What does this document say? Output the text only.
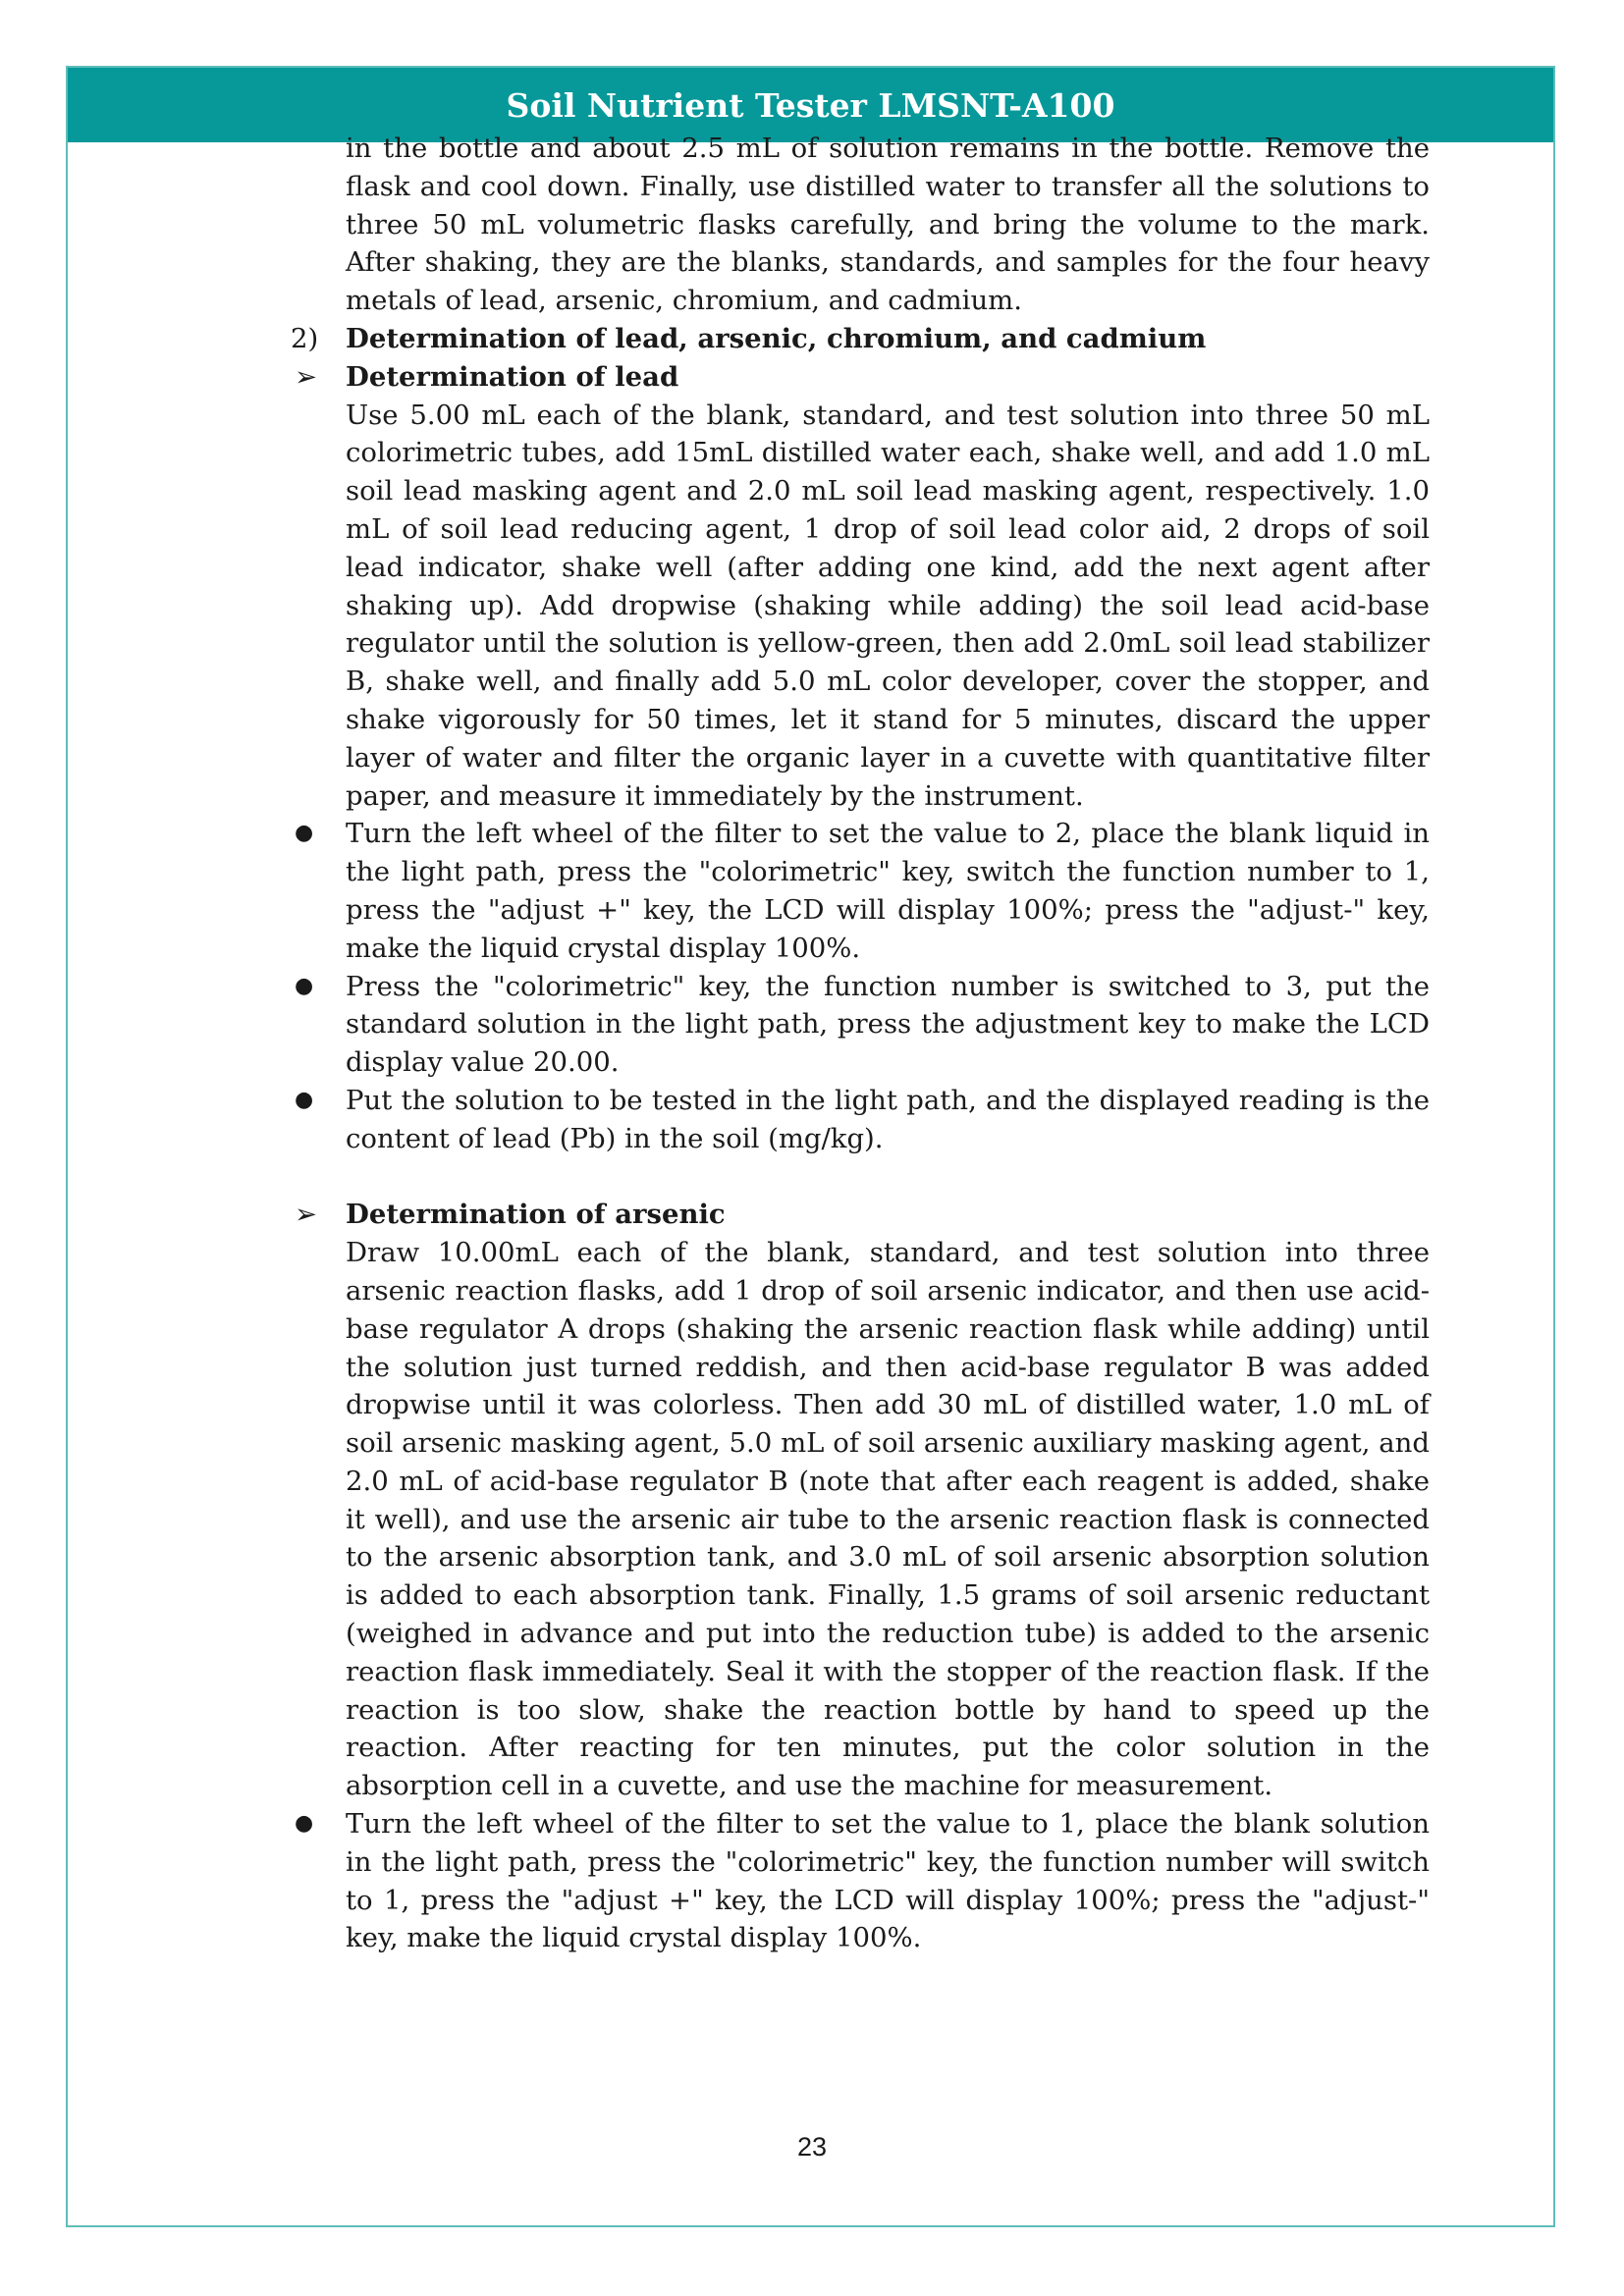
Soil Nutrient Tester LMSNT-A100
in the bottle and about 2.5 mL of solution remains in the bottle. Remove the flask and cool down. Finally, use distilled water to transfer all the solutions to three 50 mL volumetric flasks carefully, and bring the volume to the mark. After shaking, they are the blanks, standards, and samples for the four heavy metals of lead, arsenic, chromium, and cadmium.
2) Determination of lead, arsenic, chromium, and cadmium
➢ Determination of lead
Use 5.00 mL each of the blank, standard, and test solution into three 50 mL colorimetric tubes, add 15mL distilled water each, shake well, and add 1.0 mL soil lead masking agent and 2.0 mL soil lead masking agent, respectively. 1.0 mL of soil lead reducing agent, 1 drop of soil lead color aid, 2 drops of soil lead indicator, shake well (after adding one kind, add the next agent after shaking up). Add dropwise (shaking while adding) the soil lead acid-base regulator until the solution is yellow-green, then add 2.0mL soil lead stabilizer B, shake well, and finally add 5.0 mL color developer, cover the stopper, and shake vigorously for 50 times, let it stand for 5 minutes, discard the upper layer of water and filter the organic layer in a cuvette with quantitative filter paper, and measure it immediately by the instrument.
● Turn the left wheel of the filter to set the value to 2, place the blank liquid in the light path, press the "colorimetric" key, switch the function number to 1, press the "adjust +" key, the LCD will display 100%; press the "adjust-" key, make the liquid crystal display 100%.
● Press the "colorimetric" key, the function number is switched to 3, put the standard solution in the light path, press the adjustment key to make the LCD display value 20.00.
● Put the solution to be tested in the light path, and the displayed reading is the content of lead (Pb) in the soil (mg/kg).
➢ Determination of arsenic
Draw 10.00mL each of the blank, standard, and test solution into three arsenic reaction flasks, add 1 drop of soil arsenic indicator, and then use acid-base regulator A drops (shaking the arsenic reaction flask while adding) until the solution just turned reddish, and then acid-base regulator B was added dropwise until it was colorless. Then add 30 mL of distilled water, 1.0 mL of soil arsenic masking agent, 5.0 mL of soil arsenic auxiliary masking agent, and 2.0 mL of acid-base regulator B (note that after each reagent is added, shake it well), and use the arsenic air tube to the arsenic reaction flask is connected to the arsenic absorption tank, and 3.0 mL of soil arsenic absorption solution is added to each absorption tank. Finally, 1.5 grams of soil arsenic reductant (weighed in advance and put into the reduction tube) is added to the arsenic reaction flask immediately. Seal it with the stopper of the reaction flask. If the reaction is too slow, shake the reaction bottle by hand to speed up the reaction. After reacting for ten minutes, put the color solution in the absorption cell in a cuvette, and use the machine for measurement.
● Turn the left wheel of the filter to set the value to 1, place the blank solution in the light path, press the "colorimetric" key, the function number will switch to 1, press the "adjust +" key, the LCD will display 100%; press the "adjust-" key, make the liquid crystal display 100%.
23
